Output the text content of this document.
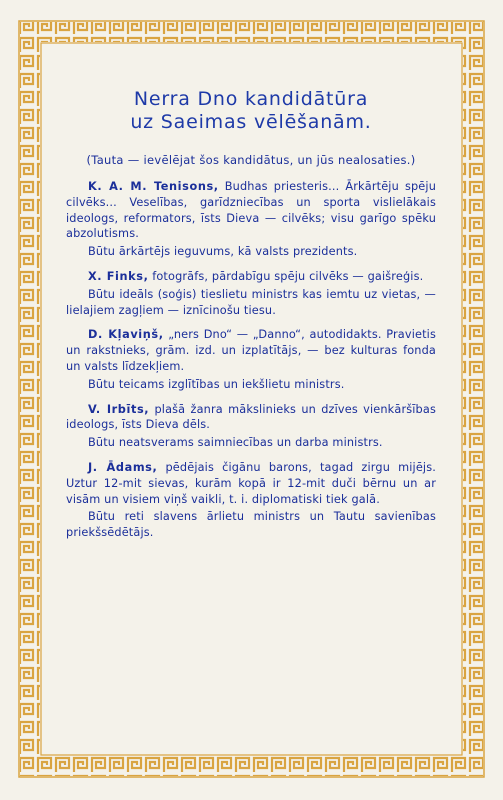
Nerra Dno kandidātūra
uz Saeimas vēlēšanām.
(Tauta — ievēlējat šos kandidātus, un jūs nealosaties.)

K. A. M. Tenisons, Budhas priesteris... Ārkārtēju spēju cilvēks... Veselības, garīdzniecības un sporta vislielākais ideologs, reformators, īsts Dieva — cilvēks; visu garīgo spēku abzolutisms.

Būtu ārkārtējs ieguvums, kā valsts prezidents.

X. Finks, fotogrāfs, pārdabīgu spēju cilvēks — gaišreģis.

Būtu ideāls (soģis) tieslietu ministrs kas iemtu uz vietas, — lielajiem zagļiem — iznīcinošu tiesu.

D. Kļaviņš, „ners Dno“ — „Danno“, autodidakts. Pravietis un rakstnieks, grām. izd. un izplatītājs, — bez kulturas fonda un valsts līdzekļiem.

Būtu teicams izglītības un iekšlietu ministrs.

V. Irbīts, plašā žanra mākslinieks un dzīves vienkāršības ideologs, īsts Dieva dēls.

Būtu neatsverams saimniecības un darba ministrs.

J. Ādams, pēdējais čigānu barons, tagad zirgu mijējs. Uztur 12-mit sievas, kurām kopā ir 12-mit duči bērnu un ar visām un visiem viņš vaikli, t. i. diplomatiski tiek galā.

Būtu reti slavens ārlietu ministrs un Tautu savienības priekšsēdētājs.
